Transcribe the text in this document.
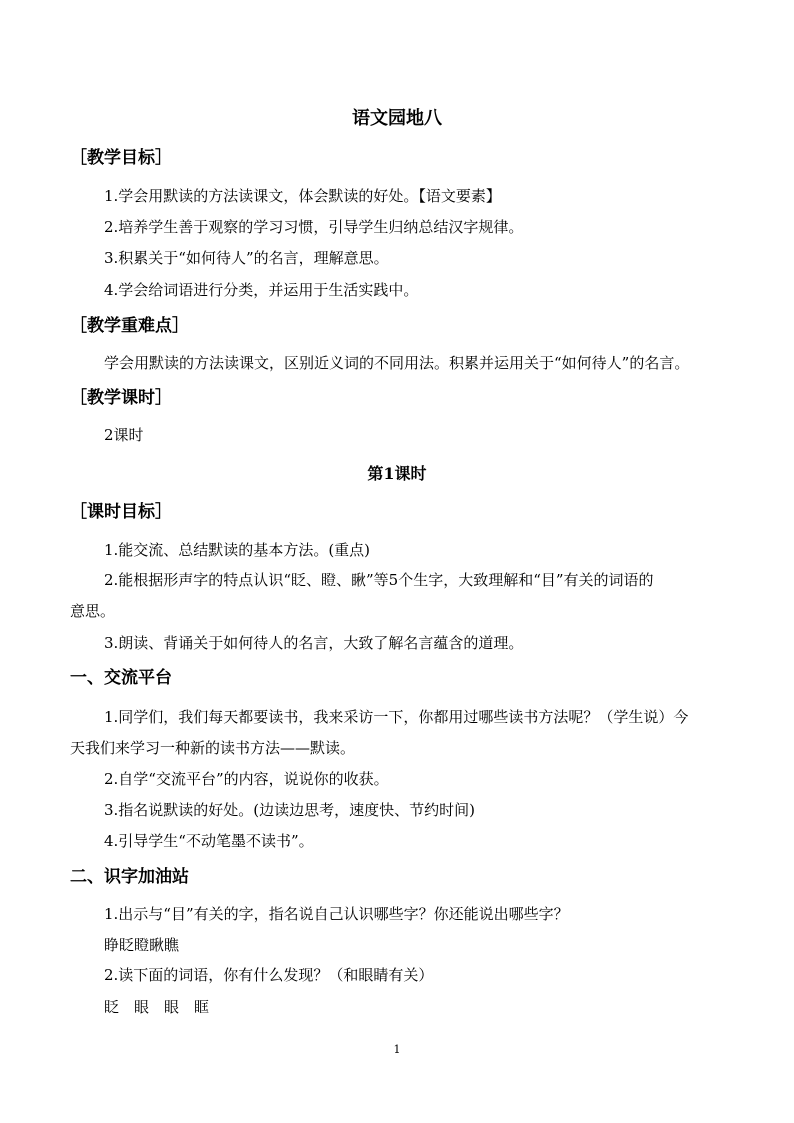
语文园地八
［教学目标］
1.学会用默读的方法读课文，体会默读的好处。【语文要素】
2.培养学生善于观察的学习习惯，引导学生归纳总结汉字规律。
3.积累关于“如何待人”的名言，理解意思。
4.学会给词语进行分类，并运用于生活实践中。
［教学重难点］
学会用默读的方法读课文，区别近义词的不同用法。积累并运用关于“如何待人”的名言。
［教学课时］
2课时
第1课时
［课时目标］
1.能交流、总结默读的基本方法。(重点)
2.能根据形声字的特点认识“眨、瞪、瞅”等5个生字，大致理解和“目”有关的词语的
意思。
3.朗读、背诵关于如何待人的名言，大致了解名言蕴含的道理。
一、交流平台
1.同学们，我们每天都要读书，我来采访一下，你都用过哪些读书方法呢？（学生说）今
天我们来学习一种新的读书方法——默读。
2.自学“交流平台”的内容，说说你的收获。
3.指名说默读的好处。(边读边思考，速度快、节约时间)
4.引导学生“不动笔墨不读书”。
二、识字加油站
1.出示与“目”有关的字，指名说自己认识哪些字？你还能说出哪些字？
睁眨瞪瞅瞧
2.读下面的词语，你有什么发现？（和眼睛有关）
眨　眼　眼　眶
1
